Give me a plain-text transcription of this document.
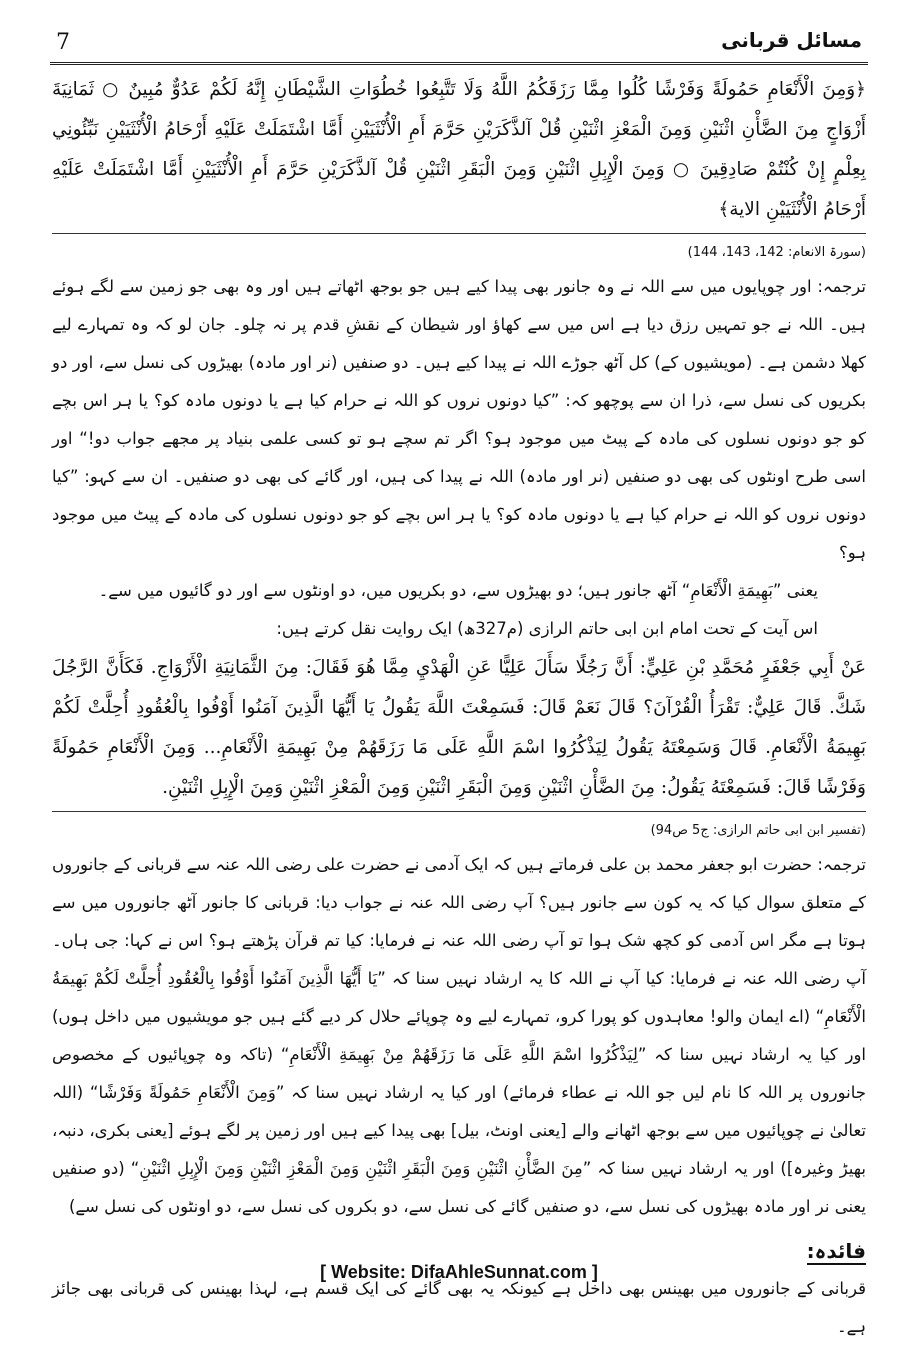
7	مسائل قربانی

﴿وَمِنَ الْأَنْعَامِ حَمُولَةً وَفَرْشًا كُلُوا مِمَّا رَزَقَكُمُ اللَّهُ وَلَا تَتَّبِعُوا خُطُوَاتِ الشَّيْطَانِ إِنَّهُ لَكُمْ عَدُوٌّ مُبِينٌ ○ ثَمَانِيَةَ أَزْوَاجٍ مِنَ الضَّأْنِ اثْنَيْنِ وَمِنَ الْمَعْزِ اثْنَيْنِ قُلْ آلذَّكَرَيْنِ حَرَّمَ أَمِ الْأُنْثَيَيْنِ أَمَّا اشْتَمَلَتْ عَلَيْهِ أَرْحَامُ الْأُنْثَيَيْنِ نَبِّئُونِي بِعِلْمٍ إِنْ كُنْتُمْ صَادِقِينَ ○ وَمِنَ الْإِبِلِ اثْنَيْنِ وَمِنَ الْبَقَرِ اثْنَيْنِ قُلْ آلذَّكَرَيْنِ حَرَّمَ أَمِ الْأُنْثَيَيْنِ أَمَّا اشْتَمَلَتْ عَلَيْهِ أَرْحَامُ الْأُنْثَيَيْنِ الاية﴾

(سورۃ الانعام: 142، 143، 144)

ترجمہ: اور چوپایوں میں سے اللہ نے وہ جانور بھی پیدا کیے ہیں جو بوجھ اٹھاتے ہیں اور وہ بھی جو زمین سے لگے ہوئے ہیں۔ اللہ نے جو تمہیں رزق دیا ہے اس میں سے کھاؤ اور شیطان کے نقشِ قدم پر نہ چلو۔ جان لو کہ وہ تمہارے لیے کھلا دشمن ہے۔ (مویشیوں کے) کل آٹھ جوڑے اللہ نے پیدا کیے ہیں۔ دو صنفیں (نر اور مادہ) بھیڑوں کی نسل سے، اور دو بکریوں کی نسل سے، ذرا ان سے پوچھو کہ: ”کیا دونوں نروں کو اللہ نے حرام کیا ہے یا دونوں مادہ کو؟ یا ہر اس بچے کو جو دونوں نسلوں کی مادہ کے پیٹ میں موجود ہو؟ اگر تم سچے ہو تو کسی علمی بنیاد پر مجھے جواب دو!“ اور اسی طرح اونٹوں کی بھی دو صنفیں (نر اور مادہ) اللہ نے پیدا کی ہیں، اور گائے کی بھی دو صنفیں۔ ان سے کہو: ”کیا دونوں نروں کو اللہ نے حرام کیا ہے یا دونوں مادہ کو؟ یا ہر اس بچے کو جو دونوں نسلوں کی مادہ کے پیٹ میں موجود ہو؟

یعنی ”بَهِيمَةِ الْأَنْعَامِ“ آٹھ جانور ہیں؛ دو بھیڑوں سے، دو بکریوں میں، دو اونٹوں سے اور دو گائیوں میں سے۔

اس آیت کے تحت امام ابن ابی حاتم الرازی (م327ھ) ایک روایت نقل کرتے ہیں:

عَنْ أَبِي جَعْفَرٍ مُحَمَّدِ بْنِ عَلِيٍّ: أَنَّ رَجُلًا سَأَلَ عَلِيًّا عَنِ الْهَدْيِ مِمَّا هُوَ فَقَالَ: مِنَ الثَّمَانِيَةِ الْأَزْوَاجِ. فَكَأَنَّ الرَّجُلَ شَكَّ. قَالَ عَلِيٌّ: تَقْرَأُ الْقُرْآنَ؟ قَالَ نَعَمْ قَالَ: فَسَمِعْتَ اللَّهَ يَقُولُ يَا أَيُّهَا الَّذِينَ آمَنُوا أَوْفُوا بِالْعُقُودِ أُحِلَّتْ لَكُمْ بَهِيمَةُ الْأَنْعَامِ. قَالَ وَسَمِعْتَهُ يَقُولُ لِيَذْكُرُوا اسْمَ اللَّهِ عَلَى مَا رَزَقَهُمْ مِنْ بَهِيمَةِ الْأَنْعَامِ... وَمِنَ الْأَنْعَامِ حَمُولَةً وَفَرْشًا قَالَ: فَسَمِعْتَهُ يَقُولُ: مِنَ الضَّأْنِ اثْنَيْنِ وَمِنَ الْبَقَرِ اثْنَيْنِ وَمِنَ الْمَعْزِ اثْنَيْنِ وَمِنَ الْإِبِلِ اثْنَيْنِ.

(تفسیر ابن ابی حاتم الرازی: ج5 ص94)

ترجمہ: حضرت ابو جعفر محمد بن علی فرماتے ہیں کہ ایک آدمی نے حضرت علی رضی اللہ عنہ سے قربانی کے جانوروں کے متعلق سوال کیا کہ یہ کون سے جانور ہیں؟ آپ رضی اللہ عنہ نے جواب دیا: قربانی کا جانور آٹھ جانوروں میں سے ہوتا ہے مگر اس آدمی کو کچھ شک ہوا تو آپ رضی اللہ عنہ نے فرمایا: کیا تم قرآن پڑھتے ہو؟ اس نے کہا: جی ہاں۔ آپ رضی اللہ عنہ نے فرمایا: کیا آپ نے اللہ کا یہ ارشاد نہیں سنا کہ ”يَا أَيُّهَا الَّذِينَ آمَنُوا أَوْفُوا بِالْعُقُودِ أُحِلَّتْ لَكُمْ بَهِيمَةُ الْأَنْعَامِ“ (اے ایمان والو! معاہدوں کو پورا کرو، تمہارے لیے وہ چوپائے حلال کر دیے گئے ہیں جو مویشیوں میں داخل ہوں) اور کیا یہ ارشاد نہیں سنا کہ ”لِيَذْكُرُوا اسْمَ اللَّهِ عَلَى مَا رَزَقَهُمْ مِنْ بَهِيمَةِ الْأَنْعَامِ“ (تاکہ وہ چوپائیوں کے مخصوص جانوروں پر اللہ کا نام لیں جو اللہ نے عطاء فرمائے) اور کیا یہ ارشاد نہیں سنا کہ ”وَمِنَ الْأَنْعَامِ حَمُولَةً وَفَرْشًا“ (اللہ تعالیٰ نے چوپائیوں میں سے بوجھ اٹھانے والے [یعنی اونٹ، بیل] بھی پیدا کیے ہیں اور زمین پر لگے ہوئے [یعنی بکری، دنبہ، بھیڑ وغیرہ]) اور یہ ارشاد نہیں سنا کہ ”مِنَ الضَّأْنِ اثْنَيْنِ وَمِنَ الْبَقَرِ اثْنَيْنِ وَمِنَ الْمَعْزِ اثْنَيْنِ وَمِنَ الْإِبِلِ اثْنَيْنِ“ (دو صنفیں یعنی نر اور مادہ بھیڑوں کی نسل سے، دو صنفیں گائے کی نسل سے، دو بکروں کی نسل سے، دو اونٹوں کی نسل سے)

فائدہ:

قربانی کے جانوروں میں بھینس بھی داخل ہے کیونکہ یہ بھی گائے کی ایک قسم ہے، لہذا بھینس کی قربانی بھی جائز ہے۔

[ Website: DifaAhleSunnat.com ]
